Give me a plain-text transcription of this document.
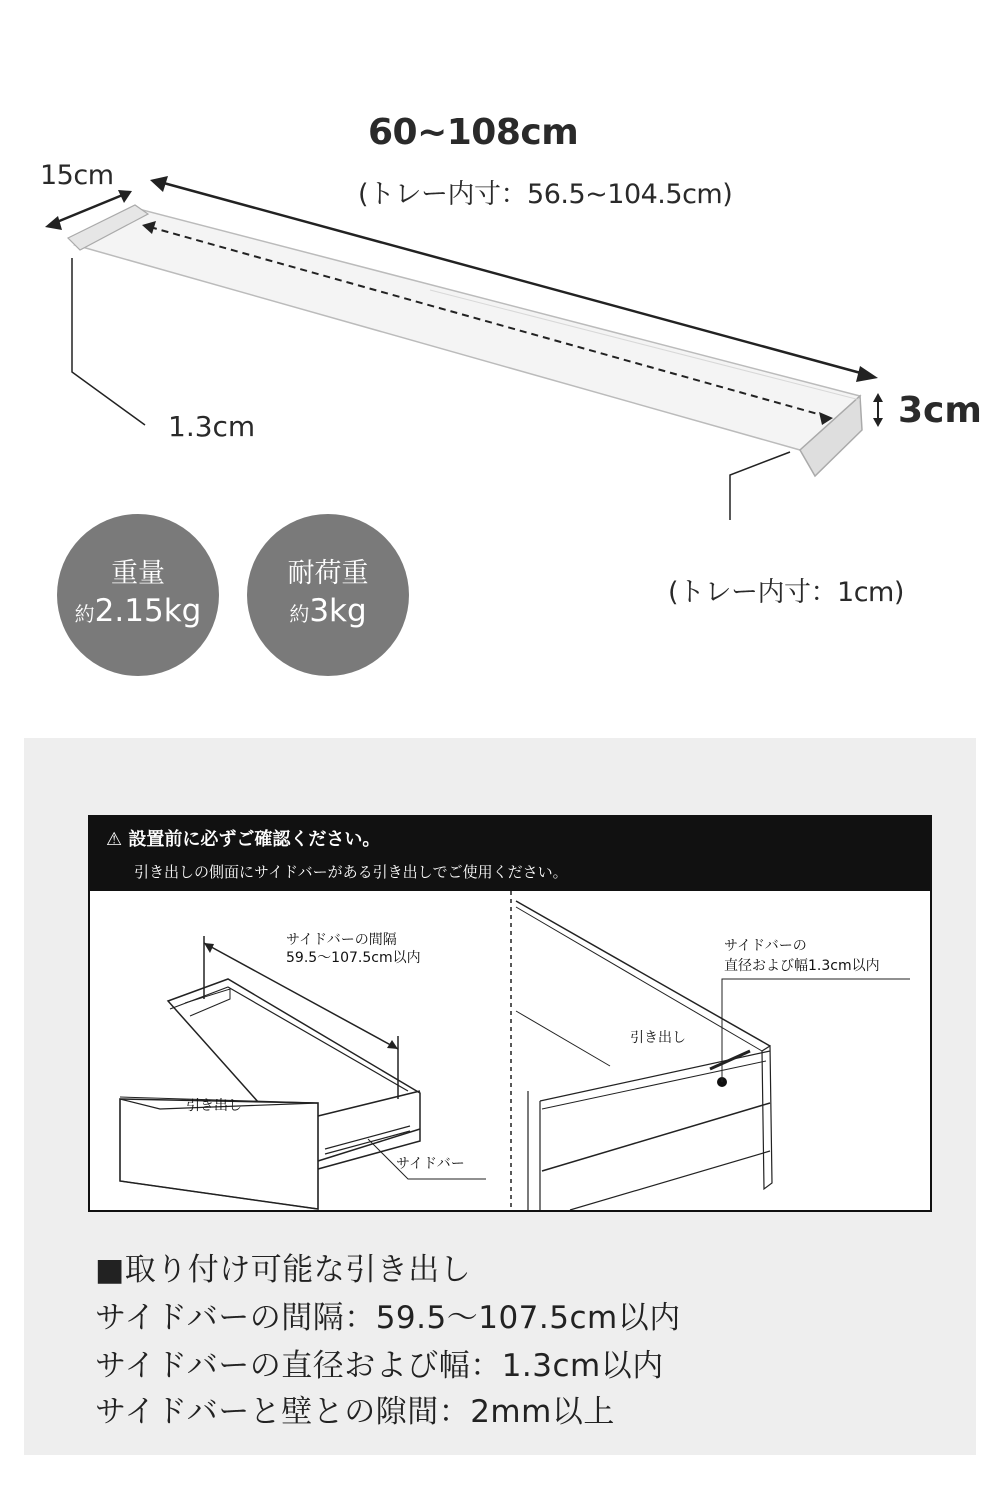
60~108cm
(トレー内寸：56.5~104.5cm)
15cm
1.3cm	3cm
(トレー内寸：1cm)
重量
約2.15kg
耐荷重
約3kg
⚠ 設置前に必ずご確認ください。
引き出しの側面にサイドバーがある引き出しでご使用ください。
サイドバーの間隔
59.5～107.5cm以内
引き出し
サイドバー
サイドバーの
直径および幅1.3cm以内
引き出し
■取り付け可能な引き出し
サイドバーの間隔：59.5～107.5cm以内
サイドバーの直径および幅：1.3cm以内
サイドバーと壁との隙間：2mm以上
